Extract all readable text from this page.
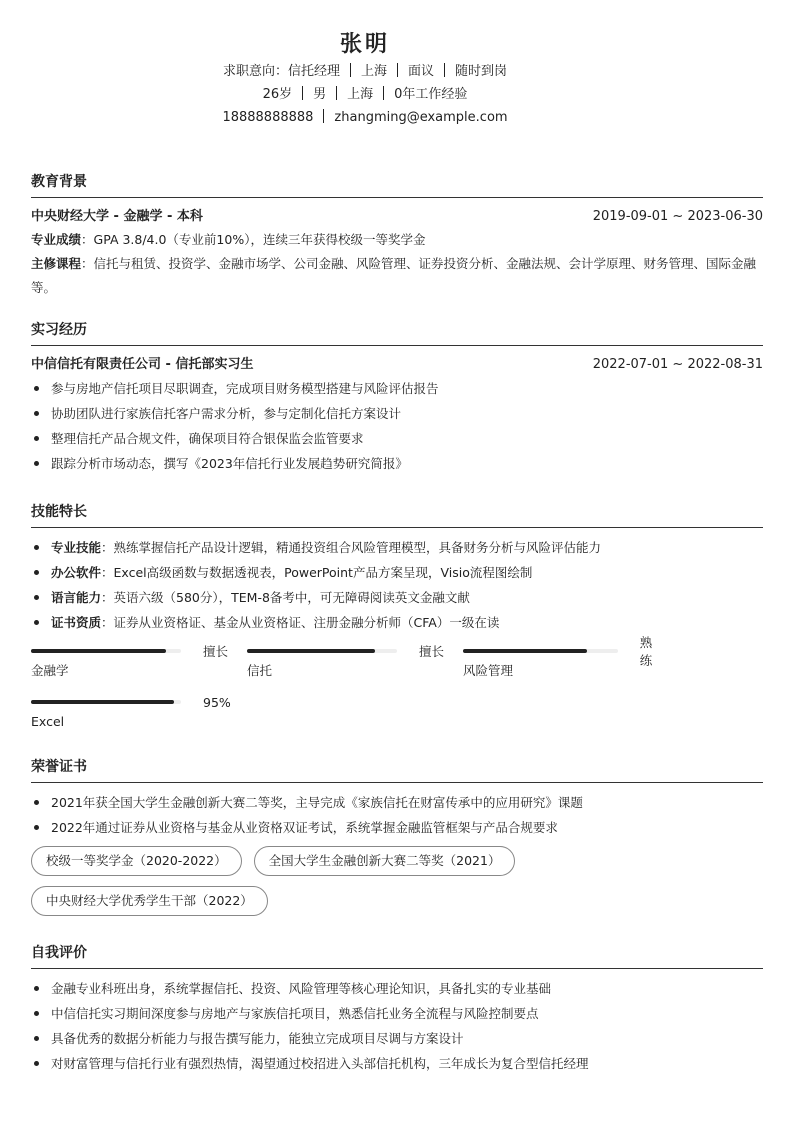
张明
求职意向：信托经理 上海 面议 随时到岗
26岁 男 上海 0年工作经验
18888888888 zhangming@example.com
教育背景
中央财经大学 - 金融学 - 本科	2019-09-01 ~ 2023-06-30
专业成绩：GPA 3.8/4.0（专业前10%），连续三年获得校级一等奖学金
主修课程：信托与租赁、投资学、金融市场学、公司金融、风险管理、证券投资分析、金融法规、会计学原理、财务管理、国际金融等。
实习经历
中信信托有限责任公司 - 信托部实习生	2022-07-01 ~ 2022-08-31
参与房地产信托项目尽职调查，完成项目财务模型搭建与风险评估报告
协助团队进行家族信托客户需求分析，参与定制化信托方案设计
整理信托产品合规文件，确保项目符合银保监会监管要求
跟踪分析市场动态，撰写《2023年信托行业发展趋势研究简报》
技能特长
专业技能：熟练掌握信托产品设计逻辑，精通投资组合风险管理模型，具备财务分析与风险评估能力
办公软件：Excel高级函数与数据透视表，PowerPoint产品方案呈现，Visio流程图绘制
语言能力：英语六级（580分），TEM-8备考中，可无障碍阅读英文金融文献
证书资质：证券从业资格证、基金从业资格证、注册金融分析师（CFA）一级在读
擅长
金融学
擅长
信托
熟练
风险管理
95%
Excel
荣誉证书
2021年获全国大学生金融创新大赛二等奖，主导完成《家族信托在财富传承中的应用研究》课题
2022年通过证券从业资格与基金从业资格双证考试，系统掌握金融监管框架与产品合规要求
校级一等奖学金（2020-2022）	全国大学生金融创新大赛二等奖（2021）
中央财经大学优秀学生干部（2022）
自我评价
金融专业科班出身，系统掌握信托、投资、风险管理等核心理论知识，具备扎实的专业基础
中信信托实习期间深度参与房地产与家族信托项目，熟悉信托业务全流程与风险控制要点
具备优秀的数据分析能力与报告撰写能力，能独立完成项目尽调与方案设计
对财富管理与信托行业有强烈热情，渴望通过校招进入头部信托机构，三年成长为复合型信托经理
